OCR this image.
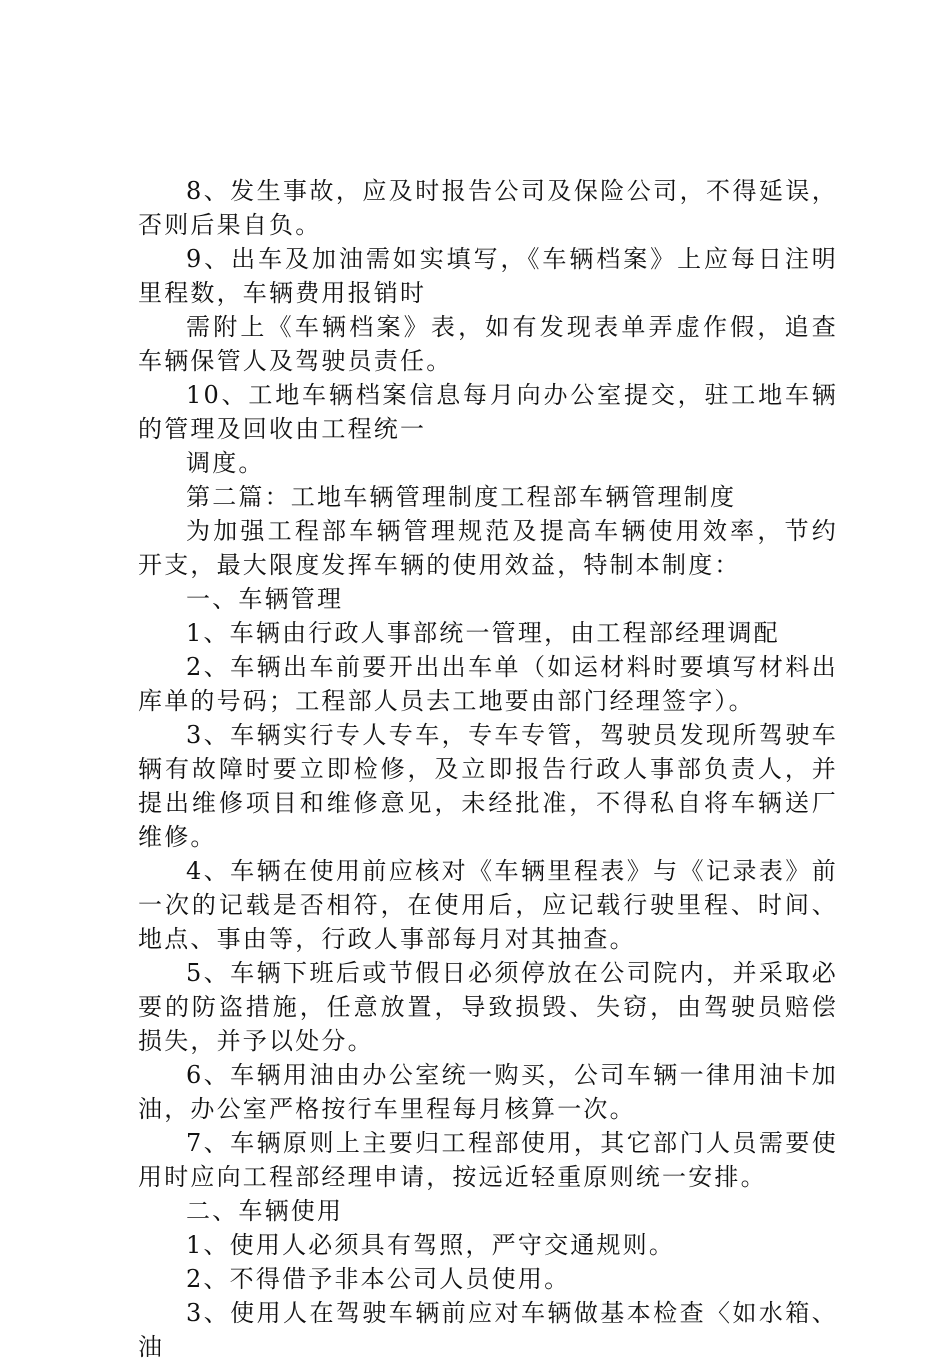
8、发生事故，应及时报告公司及保险公司，不得延误，否则后果自负。

9、出车及加油需如实填写，《车辆档案》上应每日注明里程数，车辆费用报销时

需附上《车辆档案》表，如有发现表单弄虚作假，追查车辆保管人及驾驶员责任。

10、工地车辆档案信息每月向办公室提交，驻工地车辆的管理及回收由工程统一

调度。

第二篇：工地车辆管理制度工程部车辆管理制度

为加强工程部车辆管理规范及提高车辆使用效率，节约开支，最大限度发挥车辆的使用效益，特制本制度：

一、车辆管理

1、车辆由行政人事部统一管理，由工程部经理调配

2、车辆出车前要开出出车单（如运材料时要填写材料出库单的号码；工程部人员去工地要由部门经理签字）。

3、车辆实行专人专车，专车专管，驾驶员发现所驾驶车辆有故障时要立即检修，及立即报告行政人事部负责人，并提出维修项目和维修意见，未经批准，不得私自将车辆送厂维修。

4、车辆在使用前应核对《车辆里程表》与《记录表》前一次的记载是否相符，在使用后，应记载行驶里程、时间、地点、事由等，行政人事部每月对其抽查。

5、车辆下班后或节假日必须停放在公司院内，并采取必要的防盗措施，任意放置，导致损毁、失窃，由驾驶员赔偿损失，并予以处分。

6、车辆用油由办公室统一购买，公司车辆一律用油卡加油，办公室严格按行车里程每月核算一次。

7、车辆原则上主要归工程部使用，其它部门人员需要使用时应向工程部经理申请，按远近轻重原则统一安排。

二、车辆使用

1、使用人必须具有驾照，严守交通规则。

2、不得借予非本公司人员使用。

3、使用人在驾驶车辆前应对车辆做基本检查〈如水箱、油
